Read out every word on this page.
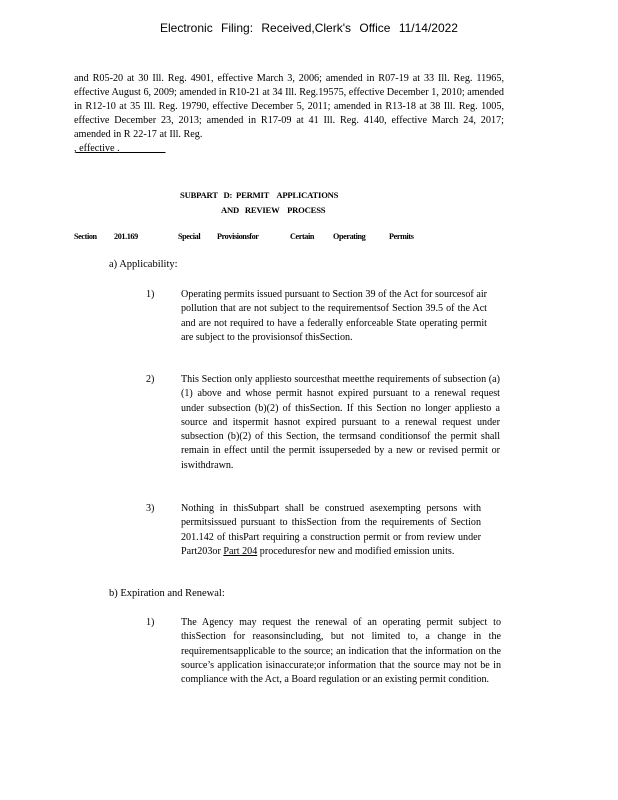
Electronic Filing: Received,Clerk's Office 11/14/2022
and R05-20 at 30 Ill. Reg. 4901, effective March 3, 2006; amended in R07-19 at 33 Ill. Reg. 11965, effective August 6, 2009; amended in R10-21 at 34 Ill. Reg.19575, effective December 1, 2010; amended in R12-10 at 35 Ill. Reg. 19790, effective December 5, 2011; amended in R13-18 at 38 Ill. Reg. 1005, effective December 23, 2013; amended in R17-09 at 41 Ill. Reg. 4140, effective March 24, 2017; amended in R 22-17 at Ill. Reg.
, effective .
SUBPART   D:  PERMIT    APPLICATIONS
AND   REVIEW    PROCESS
Section 201.169	Special Provisionsfor	Certain Operating	Permits
a) Applicability:
1)	Operating permits issued pursuant to Section 39 of the Act for sourcesof air pollution that are not subject to the requirementsof Section 39.5 of the Act and are not required to have a federally enforceable State operating permit are subject to the provisionsof thisSection.

2)	This Section only appliesto sourcesthat meetthe requirements of subsection (a)(1) above and whose permit hasnot expired pursuant to a renewal request under subsection (b)(2) of thisSection. If this Section no longer appliesto a source and itspermit hasnot expired pursuant to a renewal request under subsection (b)(2) of this Section, the termsand conditionsof the permit shall remain in effect until the permit issuperseded by a new or revised permit or iswithdrawn.

3)	Nothing in thisSubpart shall be construed asexempting persons with permitsissued pursuant to thisSection from the requirements of Section 201.142 of thisPart requiring a construction permit or from review under Part203or Part 204 proceduresfor new and modified emission units.

b) Expiration and Renewal:
1)	The Agency may request the renewal of an operating permit subject to thisSection for reasonsincluding, but not limited to, a change in the requirementsapplicable to the source; an indication that the information on the source’s application isinaccurate;or information that the source may not be in compliance with the Act, a Board regulation or an existing permit condition.
